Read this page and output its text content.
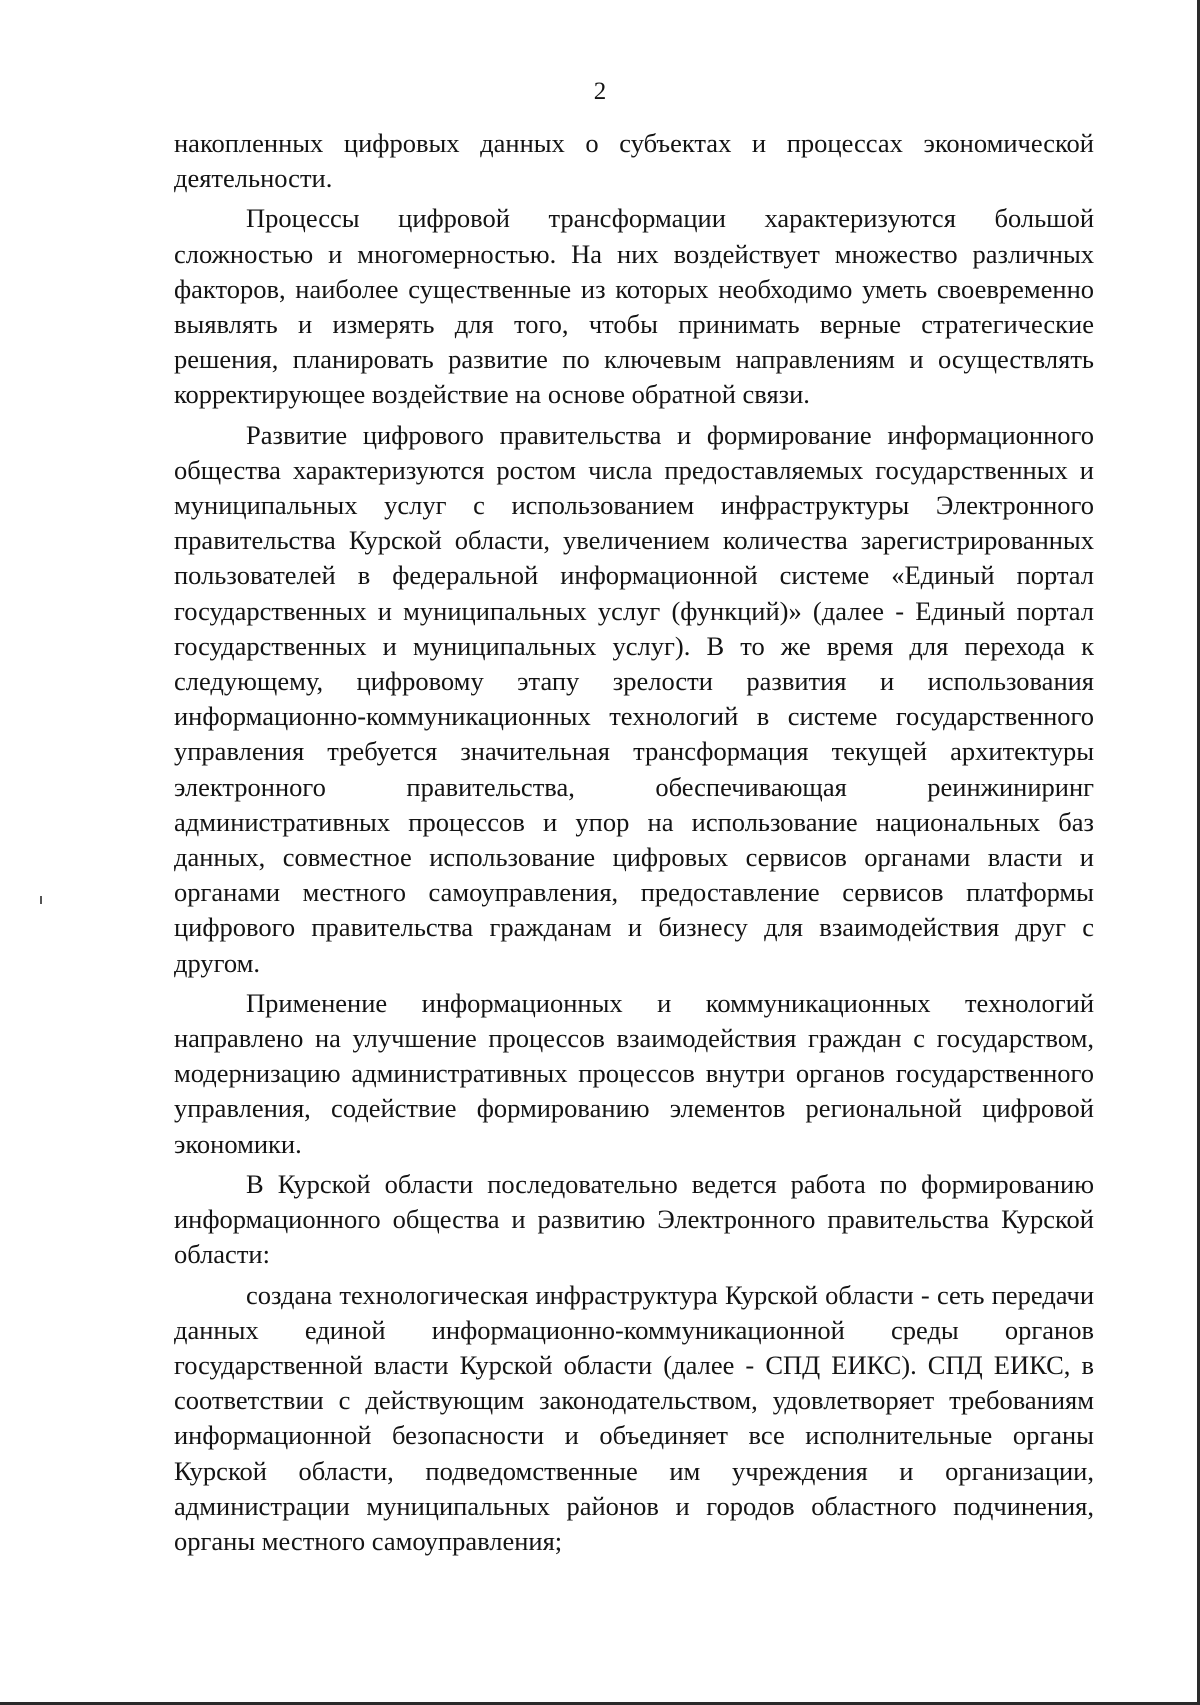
2

накопленных цифровых данных о субъектах и процессах экономической деятельности.

Процессы цифровой трансформации характеризуются большой сложностью и многомерностью. На них воздействует множество различных факторов, наиболее существенные из которых необходимо уметь своевременно выявлять и измерять для того, чтобы принимать верные стратегические решения, планировать развитие по ключевым направлениям и осуществлять корректирующее воздействие на основе обратной связи.

Развитие цифрового правительства и формирование информационного общества характеризуются ростом числа предоставляемых государственных и муниципальных услуг с использованием инфраструктуры Электронного правительства Курской области, увеличением количества зарегистрированных пользователей в федеральной информационной системе «Единый портал государственных и муниципальных услуг (функций)» (далее - Единый портал государственных и муниципальных услуг). В то же время для перехода к следующему, цифровому этапу зрелости развития и использования информационно-коммуникационных технологий в системе государственного управления требуется значительная трансформация текущей архитектуры электронного правительства, обеспечивающая реинжиниринг административных процессов и упор на использование национальных баз данных, совместное использование цифровых сервисов органами власти и органами местного самоуправления, предоставление сервисов платформы цифрового правительства гражданам и бизнесу для взаимодействия друг с другом.

Применение информационных и коммуникационных технологий направлено на улучшение процессов взаимодействия граждан с государством, модернизацию административных процессов внутри органов государственного управления, содействие формированию элементов региональной цифровой экономики.

В Курской области последовательно ведется работа по формированию информационного общества и развитию Электронного правительства Курской области:

создана технологическая инфраструктура Курской области - сеть передачи данных единой информационно-коммуникационной среды органов государственной власти Курской области (далее - СПД ЕИКС). СПД ЕИКС, в соответствии с действующим законодательством, удовлетворяет требованиям информационной безопасности и объединяет все исполнительные органы Курской области, подведомственные им учреждения и организации, администрации муниципальных районов и городов областного подчинения, органы местного самоуправления;
